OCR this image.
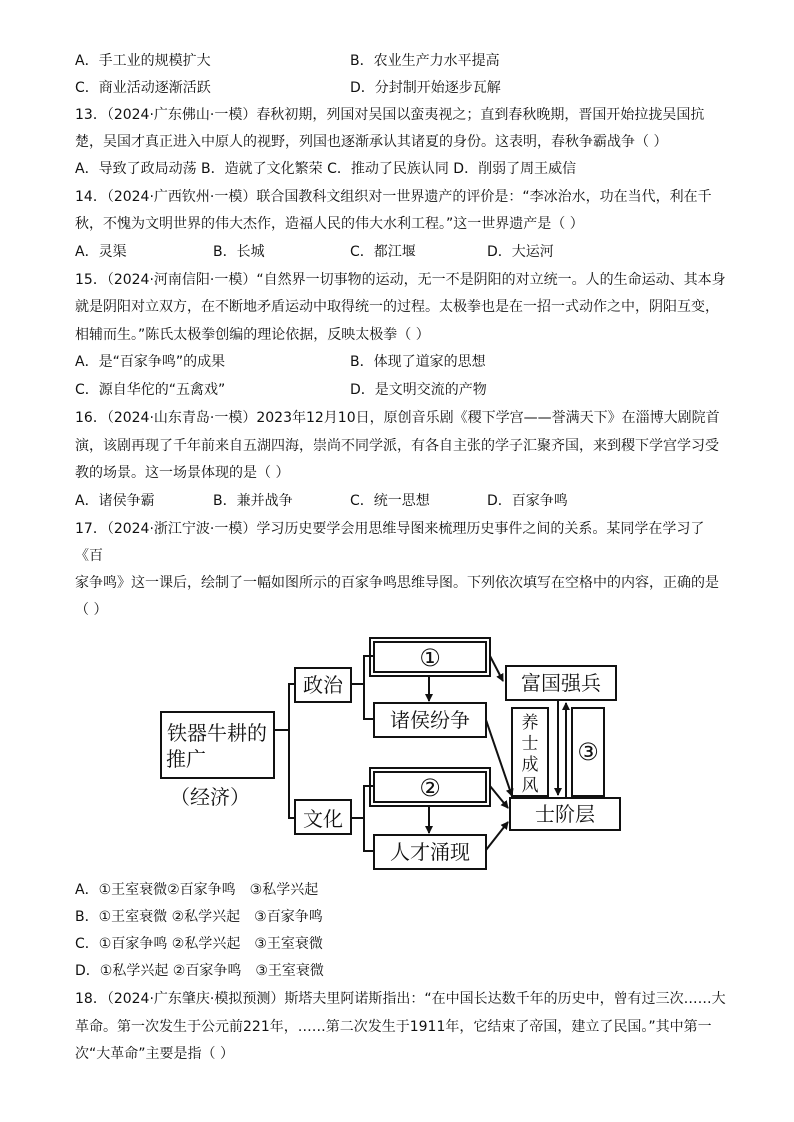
A．手工业的规模扩大	B．农业生产力水平提高
C．商业活动逐渐活跃	D．分封制开始逐步瓦解
13．（2024·广东佛山·一模）春秋初期，列国对吴国以蛮夷视之；直到春秋晚期，晋国开始拉拢吴国抗
楚，吴国才真正进入中原人的视野，列国也逐渐承认其诸夏的身份。这表明，春秋争霸战争（ ）
A．导致了政局动荡 B．造就了文化繁荣 C．推动了民族认同 D．削弱了周王威信
14．（2024·广西钦州·一模）联合国教科文组织对一世界遗产的评价是：“李冰治水，功在当代，利在千
秋，不愧为文明世界的伟大杰作，造福人民的伟大水利工程。”这一世界遗产是（ ）
A．灵渠	B．长城	C．都江堰	D．大运河
15．（2024·河南信阳·一模）“自然界一切事物的运动，无一不是阴阳的对立统一。人的生命运动、其本身
就是阴阳对立双方，在不断地矛盾运动中取得统一的过程。太极拳也是在一招一式动作之中，阴阳互变，
相辅而生。”陈氏太极拳创编的理论依据，反映太极拳（ ）
A．是“百家争鸣”的成果	B．体现了道家的思想
C．源自华佗的“五禽戏”	D．是文明交流的产物
16．（2024·山东青岛·一模）2023年12月10日，原创音乐剧《稷下学宫——誉满天下》在淄博大剧院首
演，该剧再现了千年前来自五湖四海，崇尚不同学派，有各自主张的学子汇聚齐国，来到稷下学宫学习受
教的场景。这一场景体现的是（ ）
A．诸侯争霸	B．兼并战争	C．统一思想	D．百家争鸣
17．（2024·浙江宁波·一模）学习历史要学会用思维导图来梳理历史事件之间的关系。某同学在学习了
《百
家争鸣》这一课后，绘制了一幅如图所示的百家争鸣思维导图。下列依次填写在空格中的内容，正确的是
（ ）
铁器牛耕的
推广
（经济）
政治
文化
①
诸侯纷争
②
人才涌现
富国强兵
士阶层
③
养
士
成
风
A．①王室衰微②百家争鸣　③私学兴起
B．①王室衰微 ②私学兴起　③百家争鸣
C．①百家争鸣 ②私学兴起　③王室衰微
D．①私学兴起 ②百家争鸣　③王室衰微
18．（2024·广东肇庆·模拟预测）斯塔夫里阿诺斯指出：“在中国长达数千年的历史中，曾有过三次……大
革命。第一次发生于公元前221年，……第二次发生于1911年，它结束了帝国，建立了民国。”其中第一
次“大革命”主要是指（ ）
